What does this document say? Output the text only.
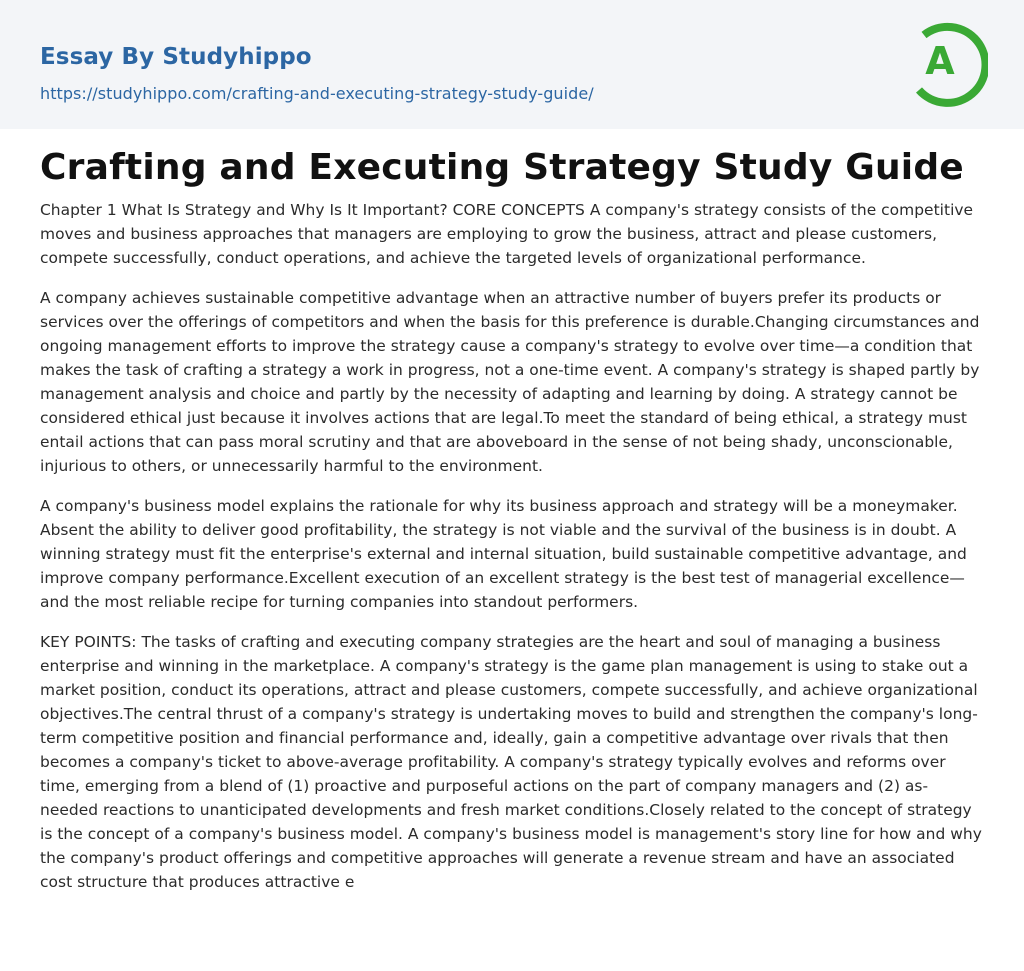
Essay By Studyhippo
https://studyhippo.com/crafting-and-executing-strategy-study-guide/
A
Crafting and Executing Strategy Study Guide

Chapter 1 What Is Strategy and Why Is It Important? CORE CONCEPTS A company's strategy consists of the competitive moves and business approaches that managers are employing to grow the business, attract and please customers, compete successfully, conduct operations, and achieve the targeted levels of organizational performance.

A company achieves sustainable competitive advantage when an attractive number of buyers prefer its products or services over the offerings of competitors and when the basis for this preference is durable.Changing circumstances and ongoing management efforts to improve the strategy cause a company's strategy to evolve over time—a condition that makes the task of crafting a strategy a work in progress, not a one-time event. A company's strategy is shaped partly by management analysis and choice and partly by the necessity of adapting and learning by doing. A strategy cannot be considered ethical just because it involves actions that are legal.To meet the standard of being ethical, a strategy must entail actions that can pass moral scrutiny and that are aboveboard in the sense of not being shady, unconscionable, injurious to others, or unnecessarily harmful to the environment.

A company's business model explains the rationale for why its business approach and strategy will be a moneymaker. Absent the ability to deliver good profitability, the strategy is not viable and the survival of the business is in doubt. A winning strategy must fit the enterprise's external and internal situation, build sustainable competitive advantage, and improve company performance.Excellent execution of an excellent strategy is the best test of managerial excellence—and the most reliable recipe for turning companies into standout performers.

KEY POINTS: The tasks of crafting and executing company strategies are the heart and soul of managing a business enterprise and winning in the marketplace. A company's strategy is the game plan management is using to stake out a market position, conduct its operations, attract and please customers, compete successfully, and achieve organizational objectives.The central thrust of a company's strategy is undertaking moves to build and strengthen the company's long-term competitive position and financial performance and, ideally, gain a competitive advantage over rivals that then becomes a company's ticket to above-average profitability. A company's strategy typically evolves and reforms over time, emerging from a blend of (1) proactive and purposeful actions on the part of company managers and (2) as-needed reactions to unanticipated developments and fresh market conditions.Closely related to the concept of strategy is the concept of a company's business model. A company's business model is management's story line for how and why the company's product offerings and competitive approaches will generate a revenue stream and have an associated cost structure that produces attractive e
